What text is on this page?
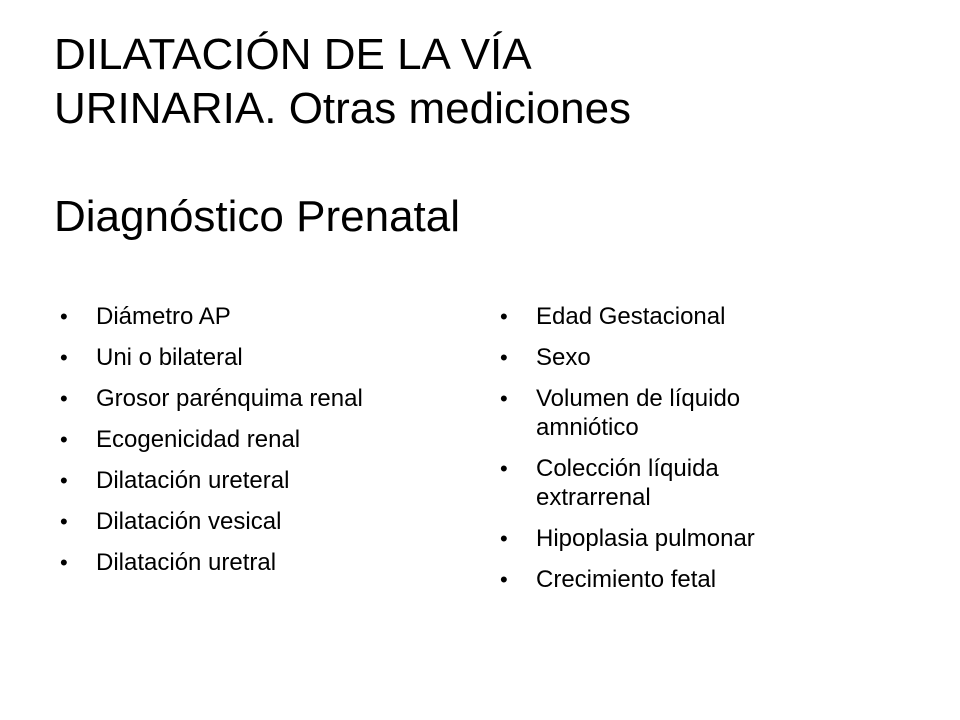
DILATACIÓN DE LA VÍA
URINARIA. Otras mediciones
Diagnóstico Prenatal
• Diámetro AP
• Uni o bilateral
• Grosor parénquima renal
• Ecogenicidad renal
• Dilatación ureteral
• Dilatación vesical
• Dilatación uretral
• Edad Gestacional
• Sexo
• Volumen de líquido amniótico
• Colección líquida extrarrenal
• Hipoplasia pulmonar
• Crecimiento fetal
